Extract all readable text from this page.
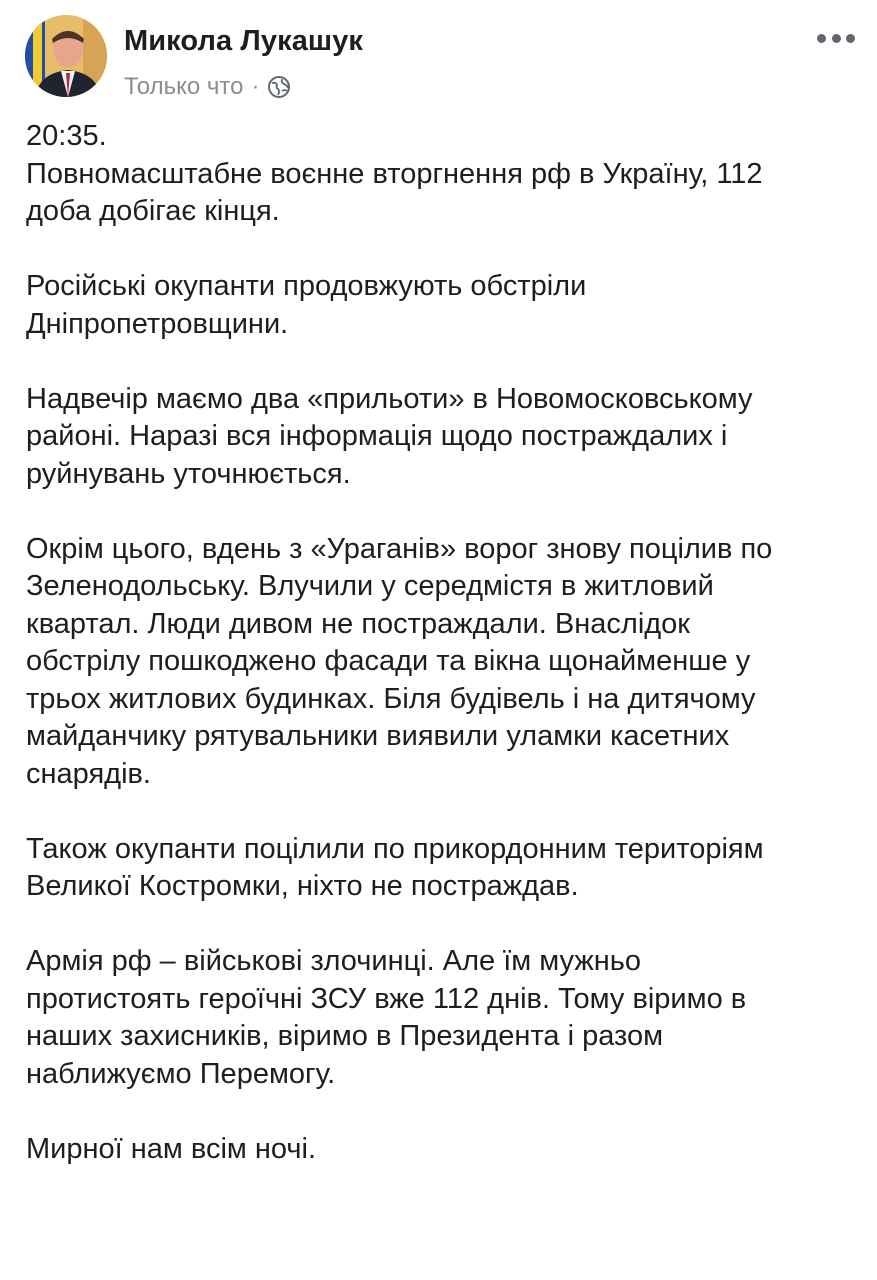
Микола Лукашук
Только что ·

20:35.
Повномасштабне воєнне вторгнення рф в Україну, 112
доба добігає кінця.

Російські окупанти продовжують обстріли
Дніпропетровщини.

Надвечір маємо два «прильоти» в Новомосковському
районі. Наразі вся інформація щодо постраждалих і
руйнувань уточнюється.

Окрім цього, вдень з «Ураганів» ворог знову поцілив по
Зеленодольську. Влучили у середмістя в житловий
квартал. Люди дивом не постраждали. Внаслідок
обстрілу пошкоджено фасади та вікна щонайменше у
трьох житлових будинках. Біля будівель і на дитячому
майданчику рятувальники виявили уламки касетних
снарядів.

Також окупанти поцілили по прикордонним територіям
Великої Костромки, ніхто не постраждав.

Армія рф – військові злочинці. Але їм мужньо
протистоять героїчні ЗСУ вже 112 днів. Тому віримо в
наших захисників, віримо в Президента і разом
наближуємо Перемогу.

Мирної нам всім ночі.
